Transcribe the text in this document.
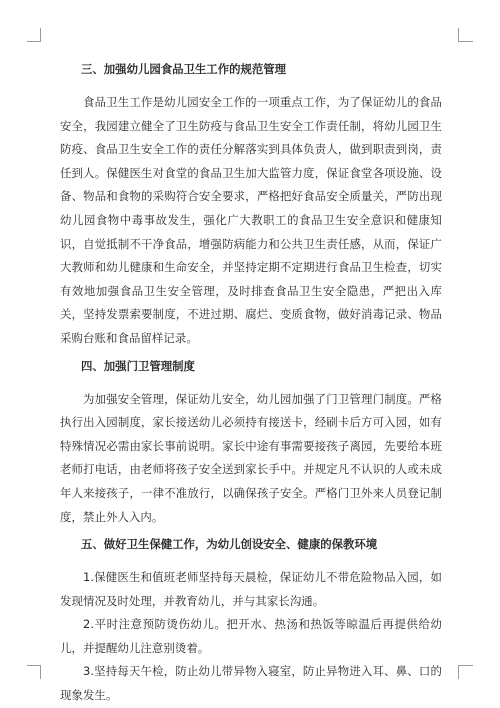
三、加强幼儿园食品卫生工作的规范管理

食品卫生工作是幼儿园安全工作的一项重点工作，为了保证幼儿的食品安全，我园建立健全了卫生防疫与食品卫生安全工作责任制，将幼儿园卫生防疫、食品卫生安全工作的责任分解落实到具体负责人，做到职责到岗，责任到人。保健医生对食堂的食品卫生加大监管力度，保证食堂各项设施、设备、物品和食物的采购符合安全要求，严格把好食品安全质量关，严防出现幼儿园食物中毒事故发生，强化广大教职工的食品卫生安全意识和健康知识，自觉抵制不干净食品，增强防病能力和公共卫生责任感，从而，保证广大教师和幼儿健康和生命安全，并坚持定期不定期进行食品卫生检查，切实有效地加强食品卫生安全管理，及时排查食品卫生安全隐患，严把出入库关，坚持发票索要制度，不进过期、腐烂、变质食物，做好消毒记录、物品采购台账和食品留样记录。

四、加强门卫管理制度

为加强安全管理，保证幼儿安全，幼儿园加强了门卫管理门制度。严格执行出入园制度，家长接送幼儿必须持有接送卡，经刷卡后方可入园，如有特殊情况必需由家长事前说明。家长中途有事需要接孩子离园，先要给本班老师打电话，由老师将孩子安全送到家长手中。并规定凡不认识的人或未成年人来接孩子，一律不准放行，以确保孩子安全。严格门卫外来人员登记制度，禁止外人入内。

五、做好卫生保健工作，为幼儿创设安全、健康的保教环境

1.保健医生和值班老师坚持每天晨检，保证幼儿不带危险物品入园，如发现情况及时处理，并教育幼儿，并与其家长沟通。

2.平时注意预防烫伤幼儿。把开水、热汤和热饭等晾温后再提供给幼儿，并提醒幼儿注意别烫着。

3.坚持每天午检，防止幼儿带异物入寝室，防止异物进入耳、鼻、口的现象发生。
